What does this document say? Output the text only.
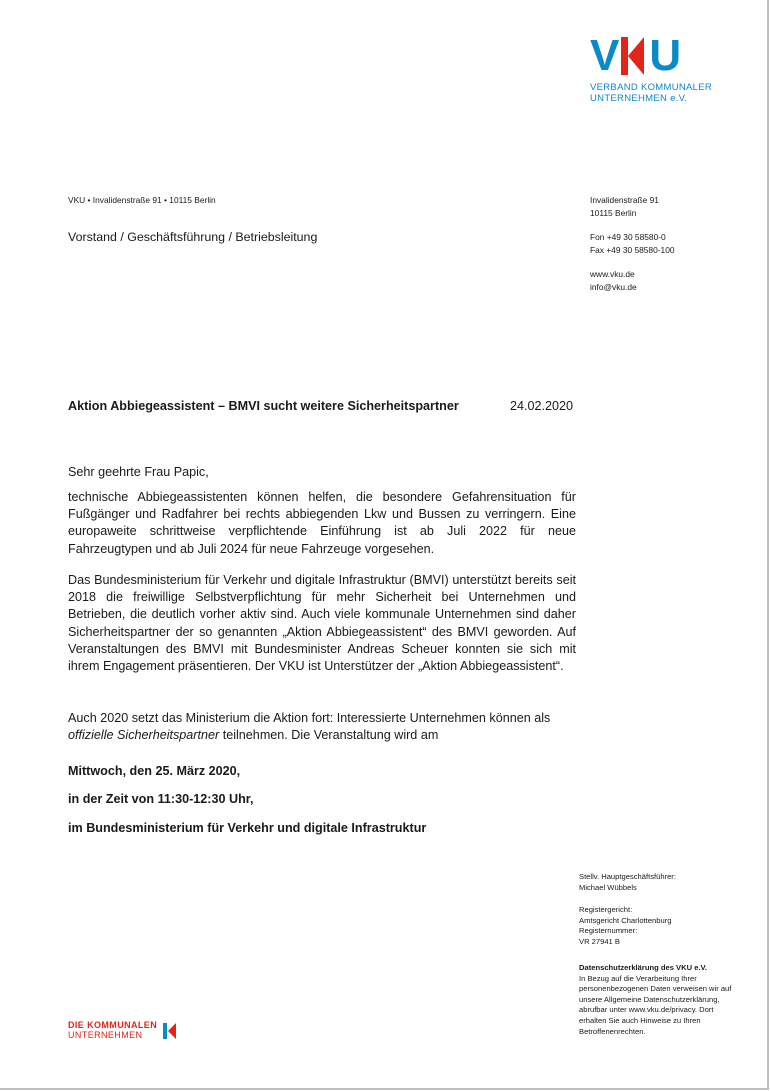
V U
VERBAND KOMMUNALER
UNTERNEHMEN e.V.
VKU • Invalidenstraße 91 • 10115 Berlin
Vorstand / Geschäftsführung / Betriebsleitung
Invalidenstraße 91
10115 Berlin
Fon +49 30 58580-0
Fax +49 30 58580-100
www.vku.de
info@vku.de
Aktion Abbiegeassistent – BMVI sucht weitere Sicherheitspartner	24.02.2020
Sehr geehrte Frau Papic,
technische Abbiegeassistenten können helfen, die besondere Gefahrensituation für Fußgänger und Radfahrer bei rechts abbiegenden Lkw und Bussen zu verringern. Eine europaweite schrittweise verpflichtende Einführung ist ab Juli 2022 für neue Fahrzeugtypen und ab Juli 2024 für neue Fahrzeuge vorgesehen.
Das Bundesministerium für Verkehr und digitale Infrastruktur (BMVI) unterstützt bereits seit 2018 die freiwillige Selbstverpflichtung für mehr Sicherheit bei Unternehmen und Betrieben, die deutlich vorher aktiv sind. Auch viele kommunale Unternehmen sind daher Sicherheitspartner der so genannten „Aktion Abbiegeassistent“ des BMVI geworden. Auf Veranstaltungen des BMVI mit Bundesminister Andreas Scheuer konnten sie sich mit ihrem Engagement präsentieren. Der VKU ist Unterstützer der „Aktion Abbiegeassistent“.
Auch 2020 setzt das Ministerium die Aktion fort: Interessierte Unternehmen können als
offizielle Sicherheitspartner teilnehmen. Die Veranstaltung wird am
Mittwoch, den 25. März 2020,
in der Zeit von 11:30-12:30 Uhr,
im Bundesministerium für Verkehr und digitale Infrastruktur
Stellv. Hauptgeschäftsführer:
Michael Wübbels
Registergericht:
Amtsgericht Charlottenburg
Registernummer:
VR 27941 B
Datenschutzerklärung des VKU e.V.
In Bezug auf die Verarbeitung Ihrer
personenbezogenen Daten verweisen wir auf
unsere Allgemeine Datenschutzerklärung,
abrufbar unter www.vku.de/privacy. Dort
erhalten Sie auch Hinweise zu Ihren
Betroffenenrechten.
DIE KOMMUNALEN
UNTERNEHMEN
